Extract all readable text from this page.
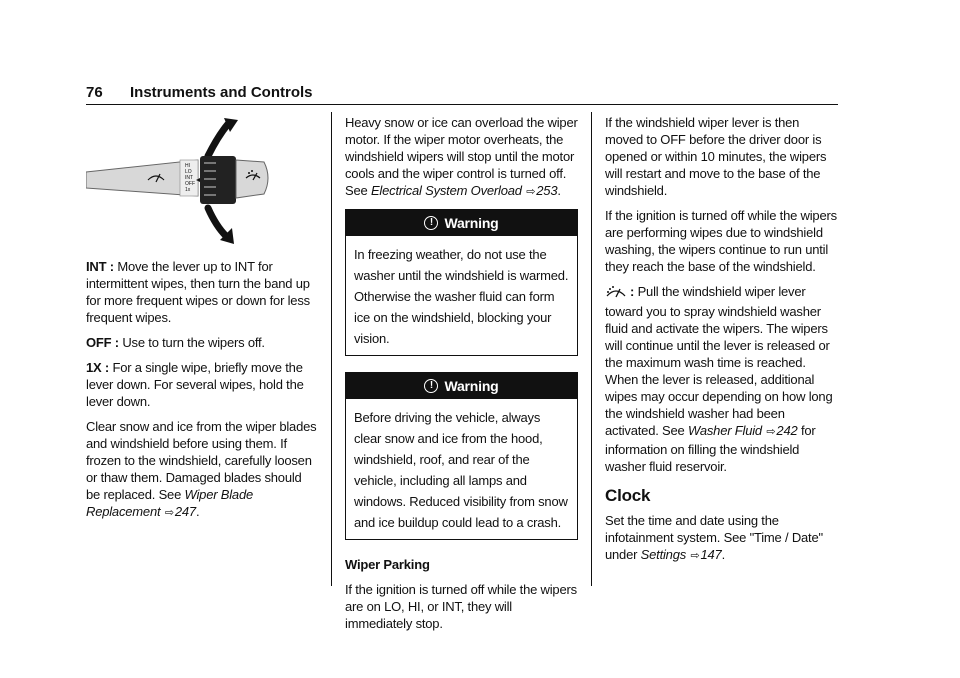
76 Instruments and Controls
HI
LO
INT
OFF
1x

INT : Move the lever up to INT for intermittent wipes, then turn the band up for more frequent wipes or down for less frequent wipes.

OFF : Use to turn the wipers off.

1X : For a single wipe, briefly move the lever down. For several wipes, hold the lever down.

Clear snow and ice from the wiper blades and windshield before using them. If frozen to the windshield, carefully loosen or thaw them. Damaged blades should be replaced. See Wiper Blade Replacement ⇨247.

Heavy snow or ice can overload the wiper motor. If the wiper motor overheats, the windshield wipers will stop until the motor cools and the wiper control is turned off. See Electrical System Overload ⇨253.

! Warning
In freezing weather, do not use the washer until the windshield is warmed. Otherwise the washer fluid can form ice on the windshield, blocking your vision.
! Warning
Before driving the vehicle, always clear snow and ice from the hood, windshield, roof, and rear of the vehicle, including all lamps and windows. Reduced visibility from snow and ice buildup could lead to a crash.

Wiper Parking

If the ignition is turned off while the wipers are on LO, HI, or INT, they will immediately stop.

If the windshield wiper lever is then moved to OFF before the driver door is opened or within 10 minutes, the wipers will restart and move to the base of the windshield.

If the ignition is turned off while the wipers are performing wipes due to windshield washing, the wipers continue to run until they reach the base of the windshield.

: Pull the windshield wiper lever toward you to spray windshield washer fluid and activate the wipers. The wipers will continue until the lever is released or the maximum wash time is reached. When the lever is released, additional wipes may occur depending on how long the windshield washer had been activated. See Washer Fluid ⇨242 for information on filling the windshield washer fluid reservoir.

Clock

Set the time and date using the infotainment system. See "Time / Date" under Settings ⇨147.
